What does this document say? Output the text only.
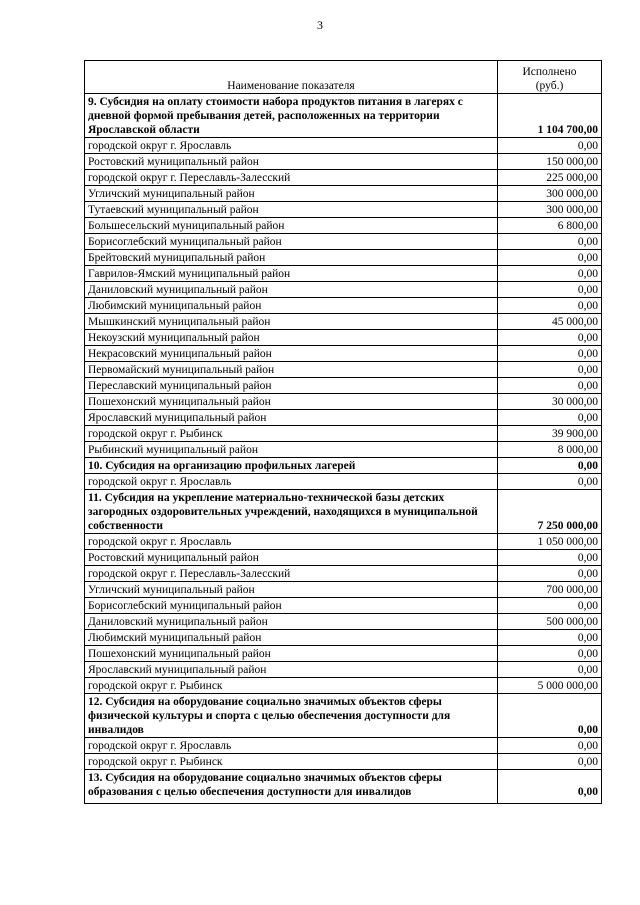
3
Наименование показателя	Исполнено
(руб.)
9. Субсидия на оплату стоимости набора продуктов питания в лагерях с дневной формой пребывания детей, расположенных на территории Ярославской области	1 104 700,00
городской округ г. Ярославль	0,00
Ростовский муниципальный район	150 000,00
городской округ г. Переславль-Залесский	225 000,00
Угличский муниципальный район	300 000,00
Тутаевский муниципальный район	300 000,00
Большесельский муниципальный район	6 800,00
Борисоглебский муниципальный район	0,00
Брейтовский муниципальный район	0,00
Гаврилов-Ямский муниципальный район	0,00
Даниловский муниципальный район	0,00
Любимский муниципальный район	0,00
Мышкинский муниципальный район	45 000,00
Некоузский муниципальный район	0,00
Некрасовский муниципальный район	0,00
Первомайский муниципальный район	0,00
Переславский муниципальный район	0,00
Пошехонский муниципальный район	30 000,00
Ярославский муниципальный район	0,00
городской округ г. Рыбинск	39 900,00
Рыбинский муниципальный район	8 000,00
10. Субсидия на организацию профильных лагерей	0,00
городской округ г. Ярославль	0,00
11. Субсидия на укрепление материально-технической базы детских загородных оздоровительных учреждений, находящихся в муниципальной собственности	7 250 000,00
городской округ г. Ярославль	1 050 000,00
Ростовский муниципальный район	0,00
городской округ г. Переславль-Залесский	0,00
Угличский муниципальный район	700 000,00
Борисоглебский муниципальный район	0,00
Даниловский муниципальный район	500 000,00
Любимский муниципальный район	0,00
Пошехонский муниципальный район	0,00
Ярославский муниципальный район	0,00
городской округ г. Рыбинск	5 000 000,00
12. Субсидия на оборудование социально значимых объектов сферы физической культуры и спорта с целью обеспечения доступности для инвалидов	0,00
городской округ г. Ярославль	0,00
городской округ г. Рыбинск	0,00
13. Субсидия на оборудование социально значимых объектов сферы образования с целью обеспечения доступности для инвалидов	0,00
